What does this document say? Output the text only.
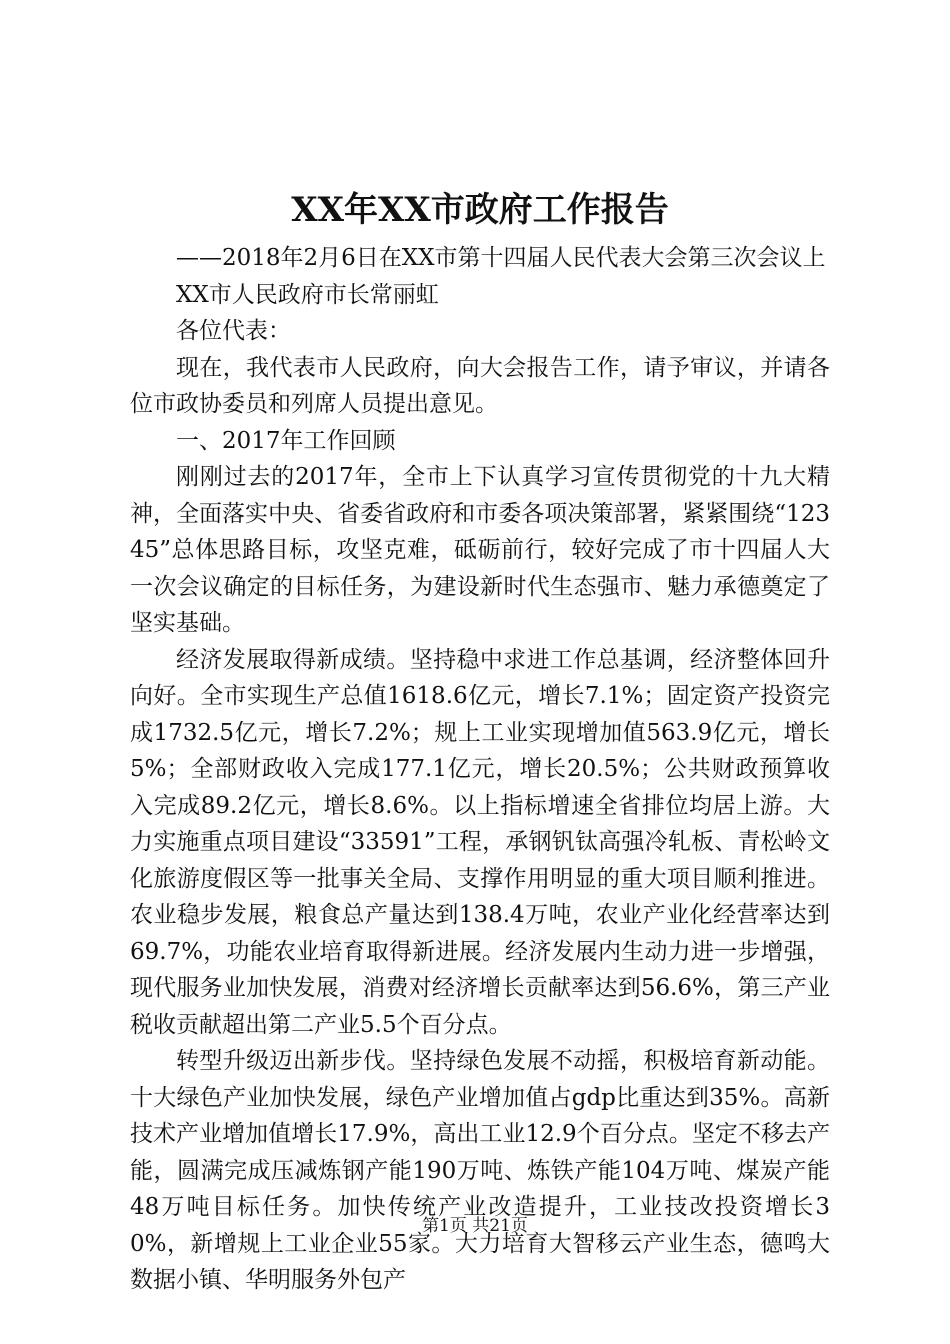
XX年XX市政府工作报告

——2018年2月6日在XX市第十四届人民代表大会第三次会议上

XX市人民政府市长常丽虹

各位代表：

现在，我代表市人民政府，向大会报告工作，请予审议，并请各位市政协委员和列席人员提出意见。

一、2017年工作回顾

刚刚过去的2017年，全市上下认真学习宣传贯彻党的十九大精神，全面落实中央、省委省政府和市委各项决策部署，紧紧围绕“12345”总体思路目标，攻坚克难，砥砺前行，较好完成了市十四届人大一次会议确定的目标任务，为建设新时代生态强市、魅力承德奠定了坚实基础。

经济发展取得新成绩。坚持稳中求进工作总基调，经济整体回升向好。全市实现生产总值1618.6亿元，增长7.1%；固定资产投资完成1732.5亿元，增长7.2%；规上工业实现增加值563.9亿元，增长5%；全部财政收入完成177.1亿元，增长20.5%；公共财政预算收入完成89.2亿元，增长8.6%。以上指标增速全省排位均居上游。大力实施重点项目建设“33591”工程，承钢钒钛高强冷轧板、青松岭文化旅游度假区等一批事关全局、支撑作用明显的重大项目顺利推进。农业稳步发展，粮食总产量达到138.4万吨，农业产业化经营率达到69.7%，功能农业培育取得新进展。经济发展内生动力进一步增强，现代服务业加快发展，消费对经济增长贡献率达到56.6%，第三产业税收贡献超出第二产业5.5个百分点。

转型升级迈出新步伐。坚持绿色发展不动摇，积极培育新动能。十大绿色产业加快发展，绿色产业增加值占gdp比重达到35%。高新技术产业增加值增长17.9%，高出工业12.9个百分点。坚定不移去产能，圆满完成压减炼钢产能190万吨、炼铁产能104万吨、煤炭产能48万吨目标任务。加快传统产业改造提升，工业技改投资增长30%，新增规上工业企业55家。大力培育大智移云产业生态，德鸣大数据小镇、华明服务外包产

第1页 共21页
